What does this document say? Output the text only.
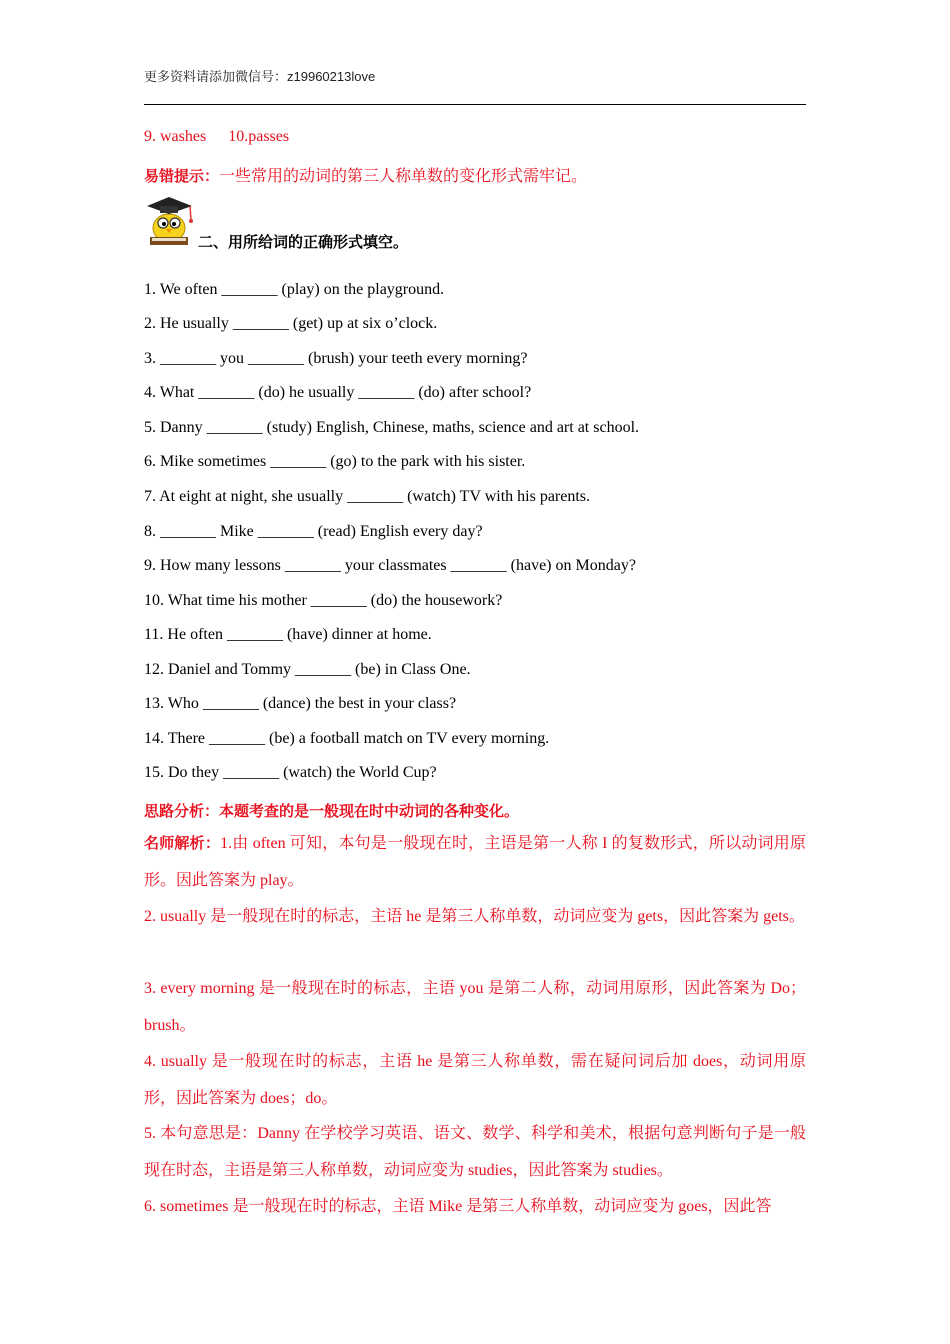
更多资料请添加微信号：z19960213love
9. washes 10.passes
易错提示：一些常用的动词的第三人称单数的变化形式需牢记。
二、用所给词的正确形式填空。
1. We often _______ (play) on the playground.
2. He usually _______ (get) up at six o’clock.
3. _______ you _______ (brush) your teeth every morning?
4. What _______ (do) he usually _______ (do) after school?
5. Danny _______ (study) English, Chinese, maths, science and art at school.
6. Mike sometimes _______ (go) to the park with his sister.
7. At eight at night, she usually _______ (watch) TV with his parents.
8. _______ Mike _______ (read) English every day?
9. How many lessons _______ your classmates _______ (have) on Monday?
10. What time his mother _______ (do) the housework?
11. He often _______ (have) dinner at home.
12. Daniel and Tommy _______ (be) in Class One.
13. Who _______ (dance) the best in your class?
14. There _______ (be) a football match on TV every morning.
15. Do they _______ (watch) the World Cup?
思路分析：本题考查的是一般现在时中动词的各种变化。
名师解析：1.由 often 可知，本句是一般现在时，主语是第一人称 I 的复数形式，所以动词用原形。因此答案为 play。
2. usually 是一般现在时的标志，主语 he 是第三人称单数，动词应变为 gets，因此答案为 gets。
3. every morning 是一般现在时的标志，主语 you 是第二人称，动词用原形，因此答案为 Do；brush。
4. usually 是一般现在时的标志，主语 he 是第三人称单数，需在疑问词后加 does，动词用原形，因此答案为 does；do。
5. 本句意思是：Danny 在学校学习英语、语文、数学、科学和美术，根据句意判断句子是一般现在时态，主语是第三人称单数，动词应变为 studies，因此答案为 studies。
6. sometimes 是一般现在时的标志，主语 Mike 是第三人称单数，动词应变为 goes，因此答
